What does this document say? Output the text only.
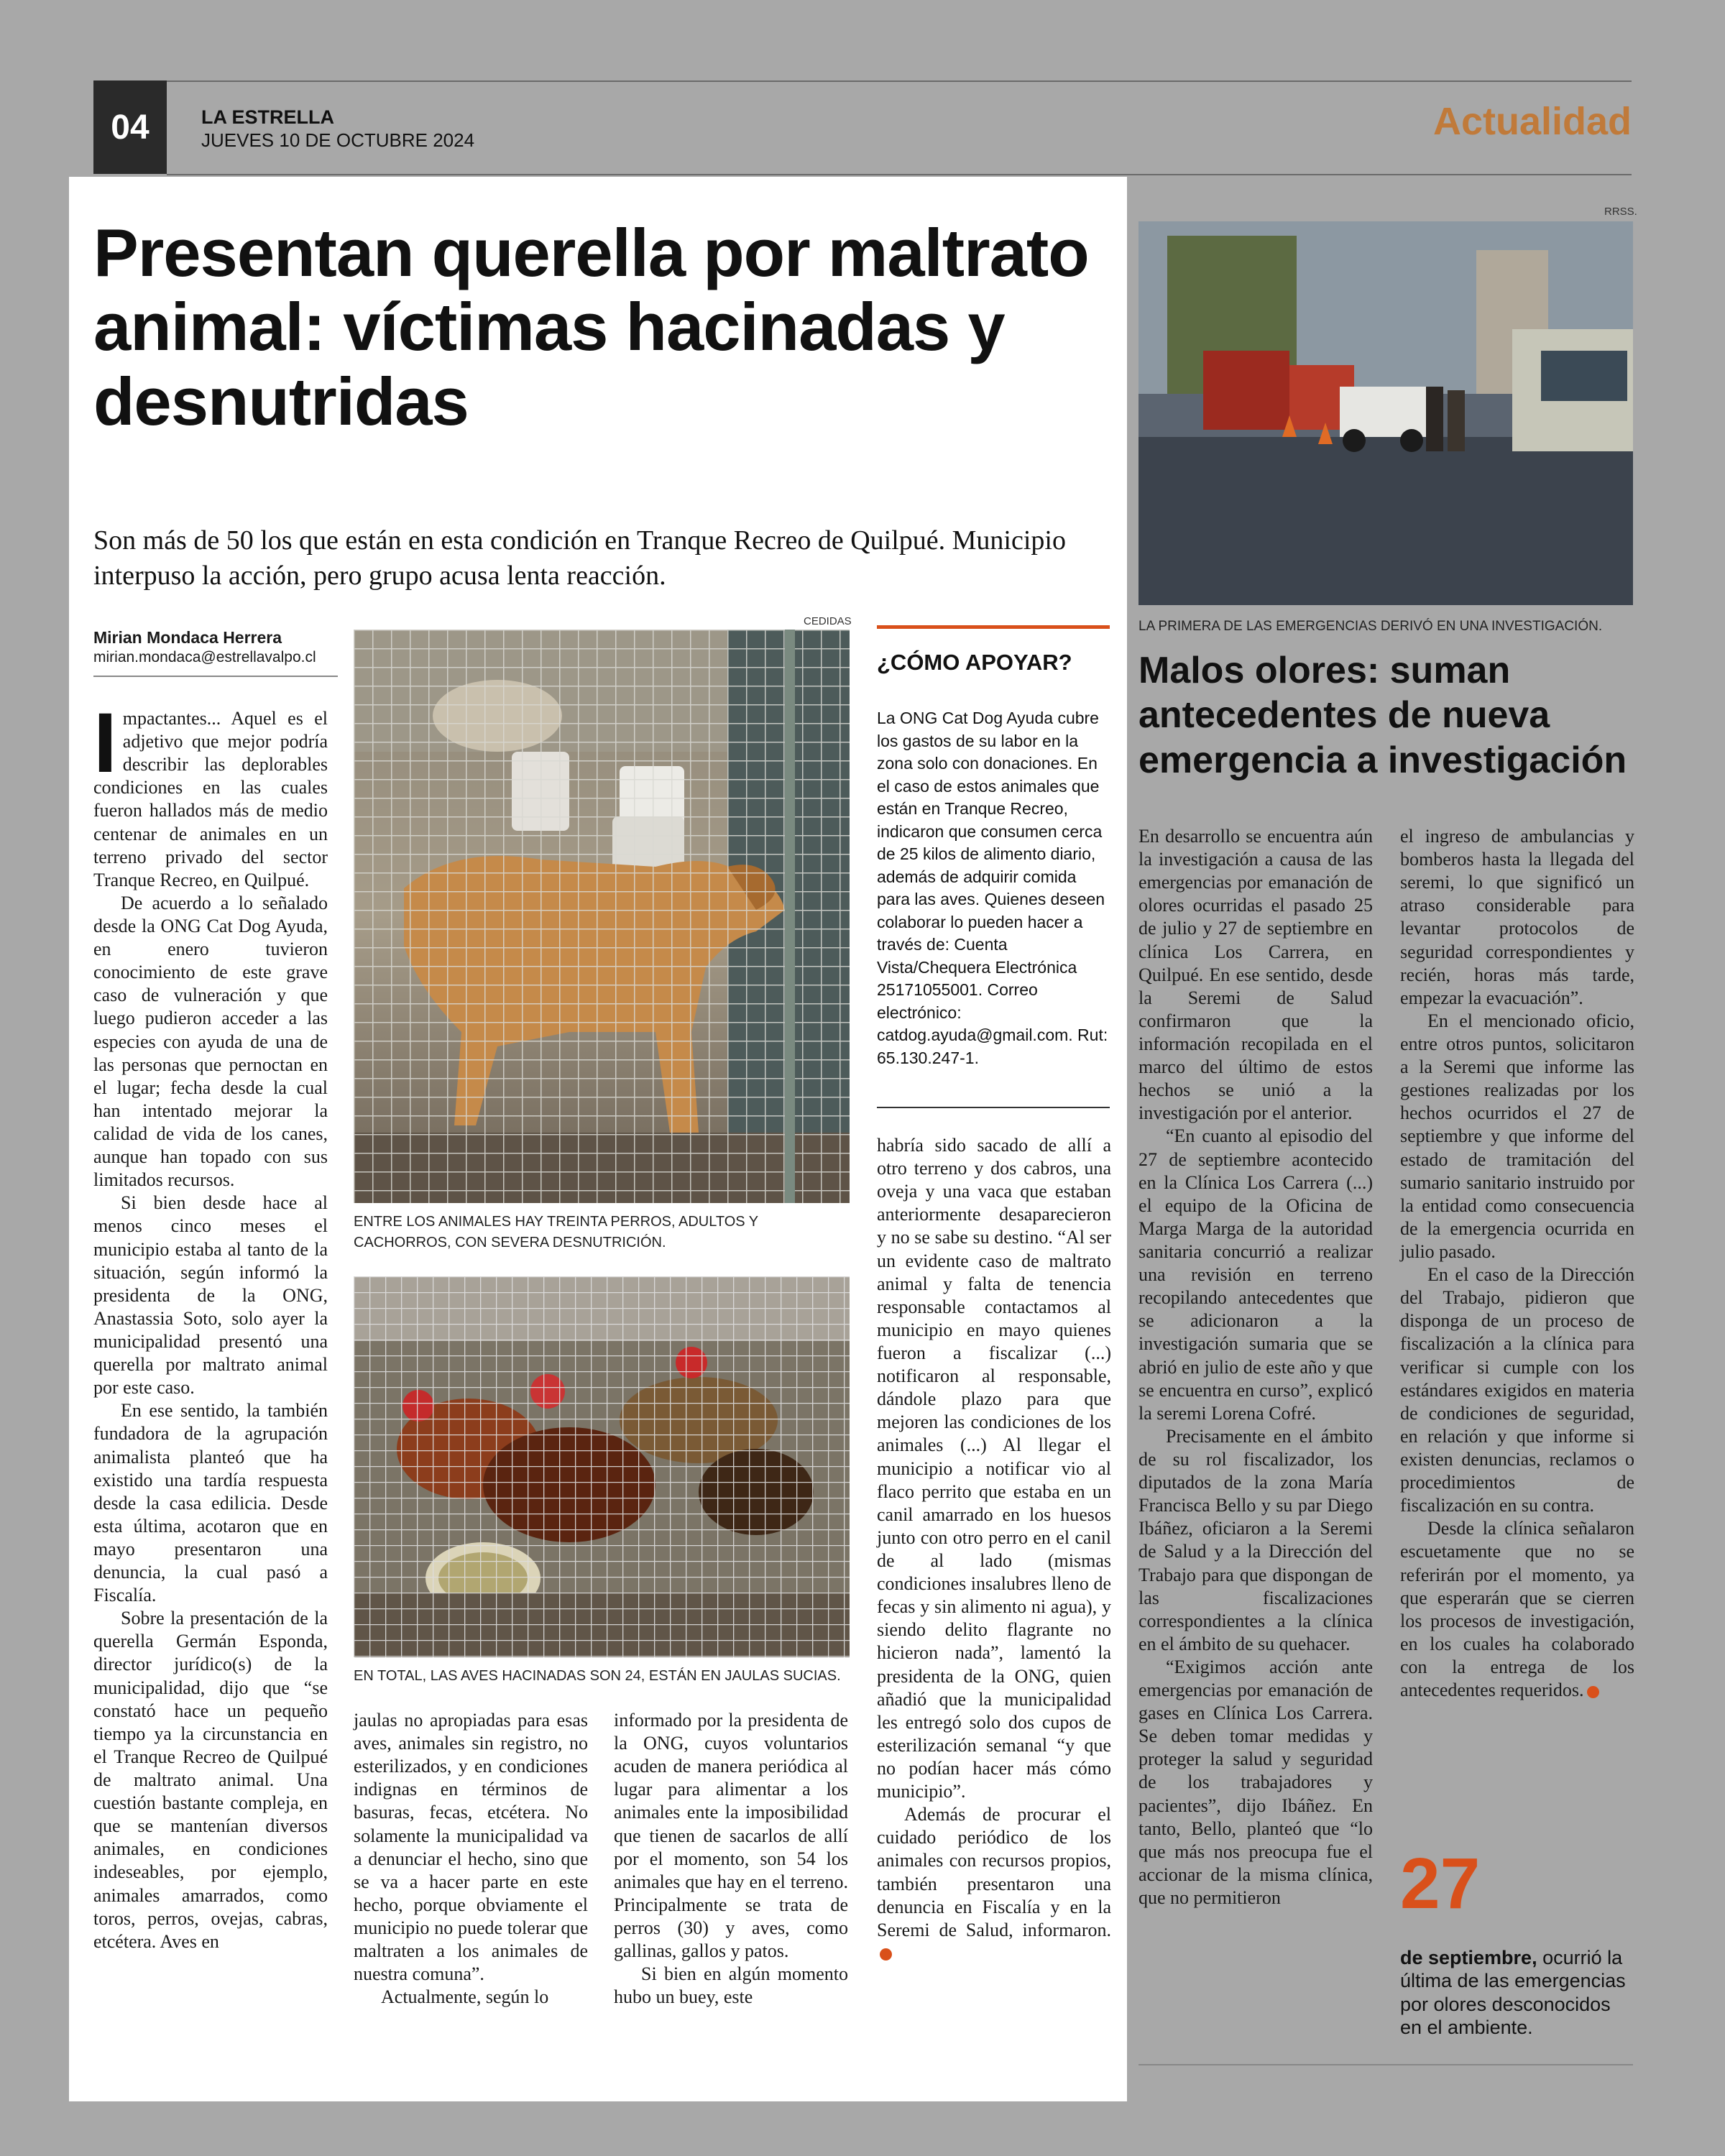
04	LA ESTRELLA
JUEVES 10 DE OCTUBRE 2024	Actualidad
Presentan querella por maltrato animal: víctimas hacinadas y desnutridas
Son más de 50 los que están en esta condición en Tranque Recreo de Quilpué. Municipio interpuso la acción, pero grupo acusa lenta reacción.
Mirian Mondaca Herrera
mirian.mondaca@estrellavalpo.cl

Impactantes... Aquel es el adjetivo que mejor podría describir las deplorables condiciones en las cuales fueron hallados más de medio centenar de animales en un terreno privado del sector Tranque Recreo, en Quilpué.

De acuerdo a lo señalado desde la ONG Cat Dog Ayuda, en enero tuvieron conocimiento de este grave caso de vulneración y que luego pudieron acceder a las especies con ayuda de una de las personas que pernoctan en el lugar; fecha desde la cual han intentado mejorar la calidad de vida de los canes, aunque han topado con sus limitados recursos.

Si bien desde hace al menos cinco meses el municipio estaba al tanto de la situación, según informó la presidenta de la ONG, Anastassia Soto, solo ayer la municipalidad presentó una querella por maltrato animal por este caso.

En ese sentido, la también fundadora de la agrupación animalista planteó que ha existido una tardía respuesta desde la casa edilicia. Desde esta última, acotaron que en mayo presentaron una denuncia, la cual pasó a Fiscalía.

Sobre la presentación de la querella Germán Esponda, director jurídico(s) de la municipalidad, dijo que “se constató hace un pequeño tiempo ya la circunstancia en el Tranque Recreo de Quilpué de maltrato animal. Una cuestión bastante compleja, en que se mantenían diversos animales, en condiciones indeseables, por ejemplo, animales amarrados, como toros, perros, ovejas, cabras, etcétera. Aves en

CEDIDAS
ENTRE LOS ANIMALES HAY TREINTA PERROS, ADULTOS Y CACHORROS, CON SEVERA DESNUTRICIÓN.
EN TOTAL, LAS AVES HACINADAS SON 24, ESTÁN EN JAULAS SUCIAS.

jaulas no apropiadas para esas aves, animales sin registro, no esterilizados, y en condiciones indignas en términos de basuras, fecas, etcétera. No solamente la municipalidad va a denunciar el hecho, sino que se va a hacer parte en este hecho, porque obviamente el municipio no puede tolerar que maltraten a los animales de nuestra comuna”.

Actualmente, según lo

informado por la presidenta de la ONG, cuyos voluntarios acuden de manera periódica al lugar para alimentar a los animales ente la imposibilidad que tienen de sacarlos de allí por el momento, son 54 los animales que hay en el terreno. Principalmente se trata de perros (30) y aves, como gallinas, gallos y patos.

Si bien en algún momento hubo un buey, este

¿CÓMO APOYAR?
La ONG Cat Dog Ayuda cubre los gastos de su labor en la zona solo con donaciones. En el caso de estos animales que están en Tranque Recreo, indicaron que consumen cerca de 25 kilos de alimento diario, además de adquirir comida para las aves. Quienes deseen colaborar lo pueden hacer a través de: Cuenta Vista/Chequera Electrónica 25171055001. Correo electrónico: catdog.ayuda@gmail.com. Rut: 65.130.247-1.

habría sido sacado de allí a otro terreno y dos cabros, una oveja y una vaca que estaban anteriormente desaparecieron y no se sabe su destino. “Al ser un evidente caso de maltrato animal y falta de tenencia responsable contactamos al municipio en mayo quienes fueron a fiscalizar (...) notificaron al responsable, dándole plazo para que mejoren las condiciones de los animales (...) Al llegar el municipio a notificar vio al flaco perrito que estaba en un canil amarrado en los huesos junto con otro perro en el canil de al lado (mismas condiciones insalubres lleno de fecas y sin alimento ni agua), y siendo delito flagrante no hicieron nada”, lamentó la presidenta de la ONG, quien añadió que la municipalidad les entregó solo dos cupos de esterilización semanal “y que no podían hacer más cómo municipio”.

Además de procurar el cuidado periódico de los animales con recursos propios, también presentaron una denuncia en Fiscalía y en la Seremi de Salud, informaron.

RRSS.
LA PRIMERA DE LAS EMERGENCIAS DERIVÓ EN UNA INVESTIGACIÓN.
Malos olores: suman antecedentes de nueva emergencia a investigación

En desarrollo se encuentra aún la investigación a causa de las emergencias por emanación de olores ocurridas el pasado 25 de julio y 27 de septiembre en clínica Los Carrera, en Quilpué. En ese sentido, desde la Seremi de Salud confirmaron que la información recopilada en el marco del último de estos hechos se unió a la investigación por el anterior.

“En cuanto al episodio del 27 de septiembre acontecido en la Clínica Los Carrera (...) el equipo de la Oficina de Marga Marga de la autoridad sanitaria concurrió a realizar una revisión en terreno recopilando antecedentes que se adicionaron a la investigación sumaria que se abrió en julio de este año y que se encuentra en curso”, explicó la seremi Lorena Cofré.

Precisamente en el ámbito de su rol fiscalizador, los diputados de la zona María Francisca Bello y su par Diego Ibáñez, oficiaron a la Seremi de Salud y a la Dirección del Trabajo para que dispongan de las fiscalizaciones correspondientes a la clínica en el ámbito de su quehacer.

“Exigimos acción ante emergencias por emanación de gases en Clínica Los Carrera. Se deben tomar medidas y proteger la salud y seguridad de los trabajadores y pacientes”, dijo Ibáñez. En tanto, Bello, planteó que “lo que más nos preocupa fue el accionar de la misma clínica, que no permitieron

el ingreso de ambulancias y bomberos hasta la llegada del seremi, lo que significó un atraso considerable para levantar protocolos de seguridad correspondientes y recién, horas más tarde, empezar la evacuación”.

En el mencionado oficio, entre otros puntos, solicitaron a la Seremi que informe las gestiones realizadas por los hechos ocurridos el 27 de septiembre y que informe del estado de tramitación del sumario sanitario instruido por la entidad como consecuencia de la emergencia ocurrida en julio pasado.

En el caso de la Dirección del Trabajo, pidieron que disponga de un proceso de fiscalización a la clínica para verificar si cumple con los estándares exigidos en materia de condiciones de seguridad, en relación y que informe si existen denuncias, reclamos o procedimientos de fiscalización en su contra.

Desde la clínica señalaron escuetamente que no se referirán por el momento, ya que esperarán que se cierren los procesos de investigación, en los cuales ha colaborado con la entrega de los antecedentes requeridos.

27
de septiembre, ocurrió la última de las emergencias por olores desconocidos en el ambiente.
